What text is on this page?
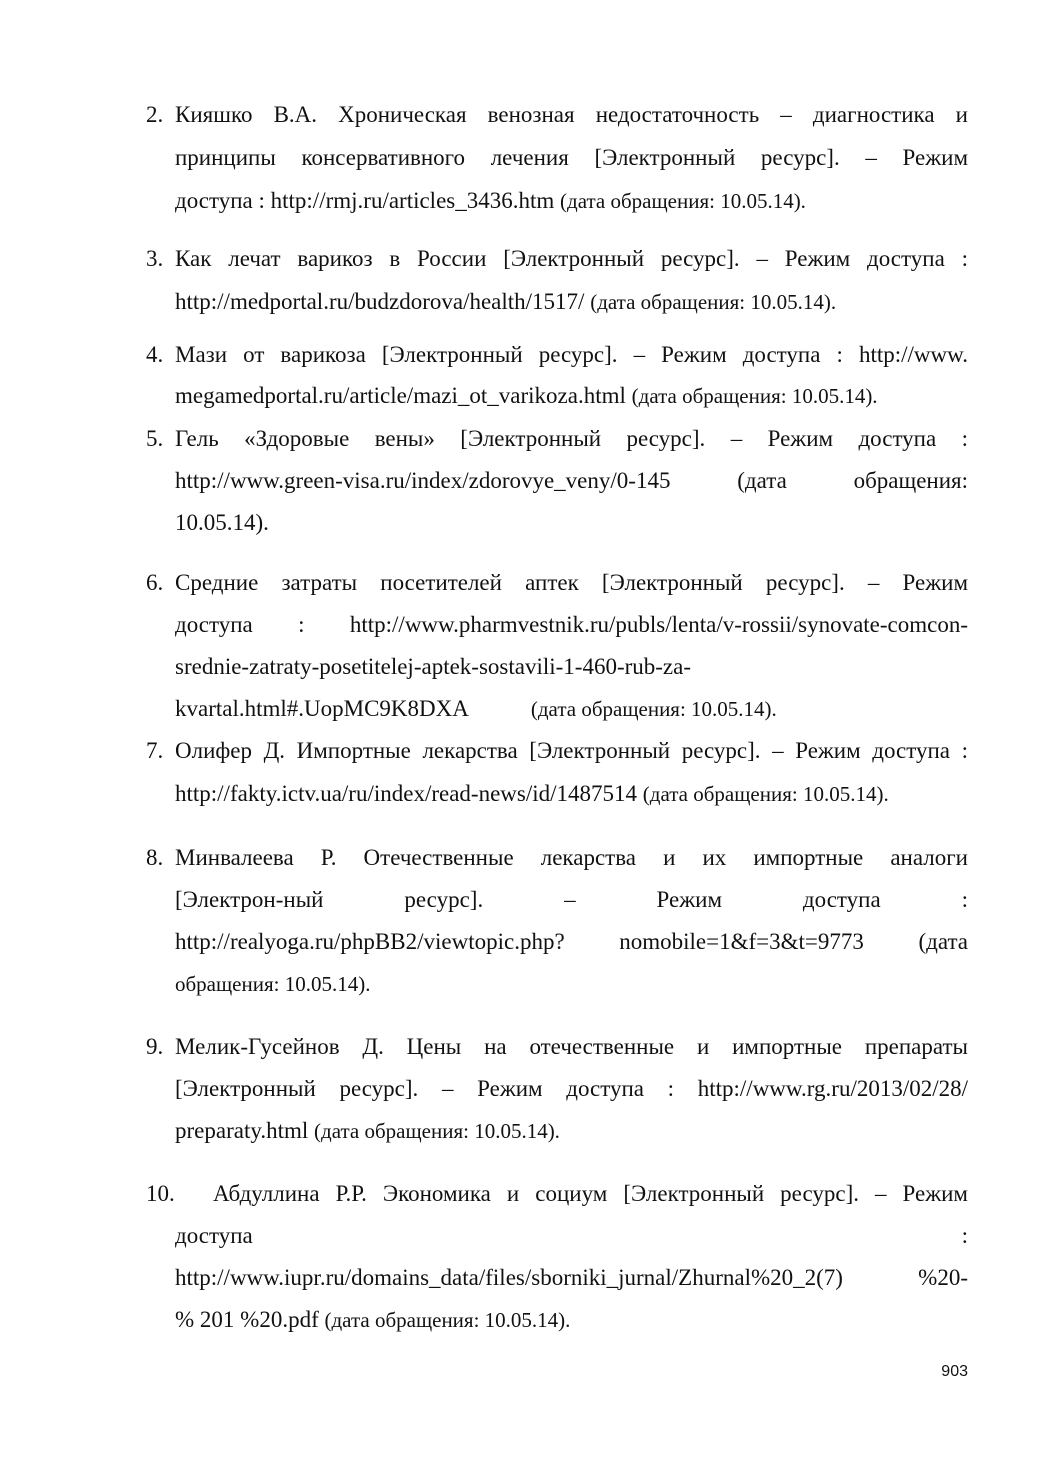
2. Кияшко В.А. Хроническая венозная недостаточность – диагностика и
принципы консервативного лечения [Электронный ресурс]. – Режим
доступа : http://rmj.ru/articles_3436.htm (дата обращения: 10.05.14).
3. Как лечат варикоз в России [Электронный ресурс]. – Режим доступа :
http://medportal.ru/budzdorova/health/1517/ (дата обращения: 10.05.14).
4. Мази от варикоза [Электронный ресурс]. – Режим доступа : http://www.
megamedportal.ru/article/mazi_ot_varikoza.html (дата обращения: 10.05.14).
5. Гель «Здоровые вены» [Электронный ресурс]. – Режим доступа :
http://www.green-visa.ru/index/zdorovye_veny/0-145 (дата обращения:
10.05.14).
6. Средние затраты посетителей аптек [Электронный ресурс]. – Режим
доступа : http://www.pharmvestnik.ru/publs/lenta/v-rossii/synovate-comcon-
srednie-zatraty-posetitelej-aptek-sostavili-1-460-rub-za-
kvartal.html#.UopMC9K8DXA	(дата обращения: 10.05.14).
7. Олифер Д. Импортные лекарства [Электронный ресурс]. – Режим доступа :
http://fakty.ictv.ua/ru/index/read-news/id/1487514 (дата обращения: 10.05.14).
8. Минвалеева Р. Отечественные лекарства и их импортные аналоги
[Электрон-ный ресурс]. – Режим доступа :
http://realyoga.ru/phpBB2/viewtopic.php? nomobile=1&f=3&t=9773 (дата
обращения: 10.05.14).
9. Мелик-Гусейнов Д. Цены на отечественные и импортные препараты
[Электронный ресурс]. – Режим доступа : http://www.rg.ru/2013/02/28/
preparaty.html (дата обращения: 10.05.14).
10. Абдуллина Р.Р. Экономика и социум [Электронный ресурс]. – Режим
доступа :
http://www.iupr.ru/domains_data/files/sborniki_jurnal/Zhurnal%20_2(7) %20-
% 201 %20.pdf (дата обращения: 10.05.14).
903
